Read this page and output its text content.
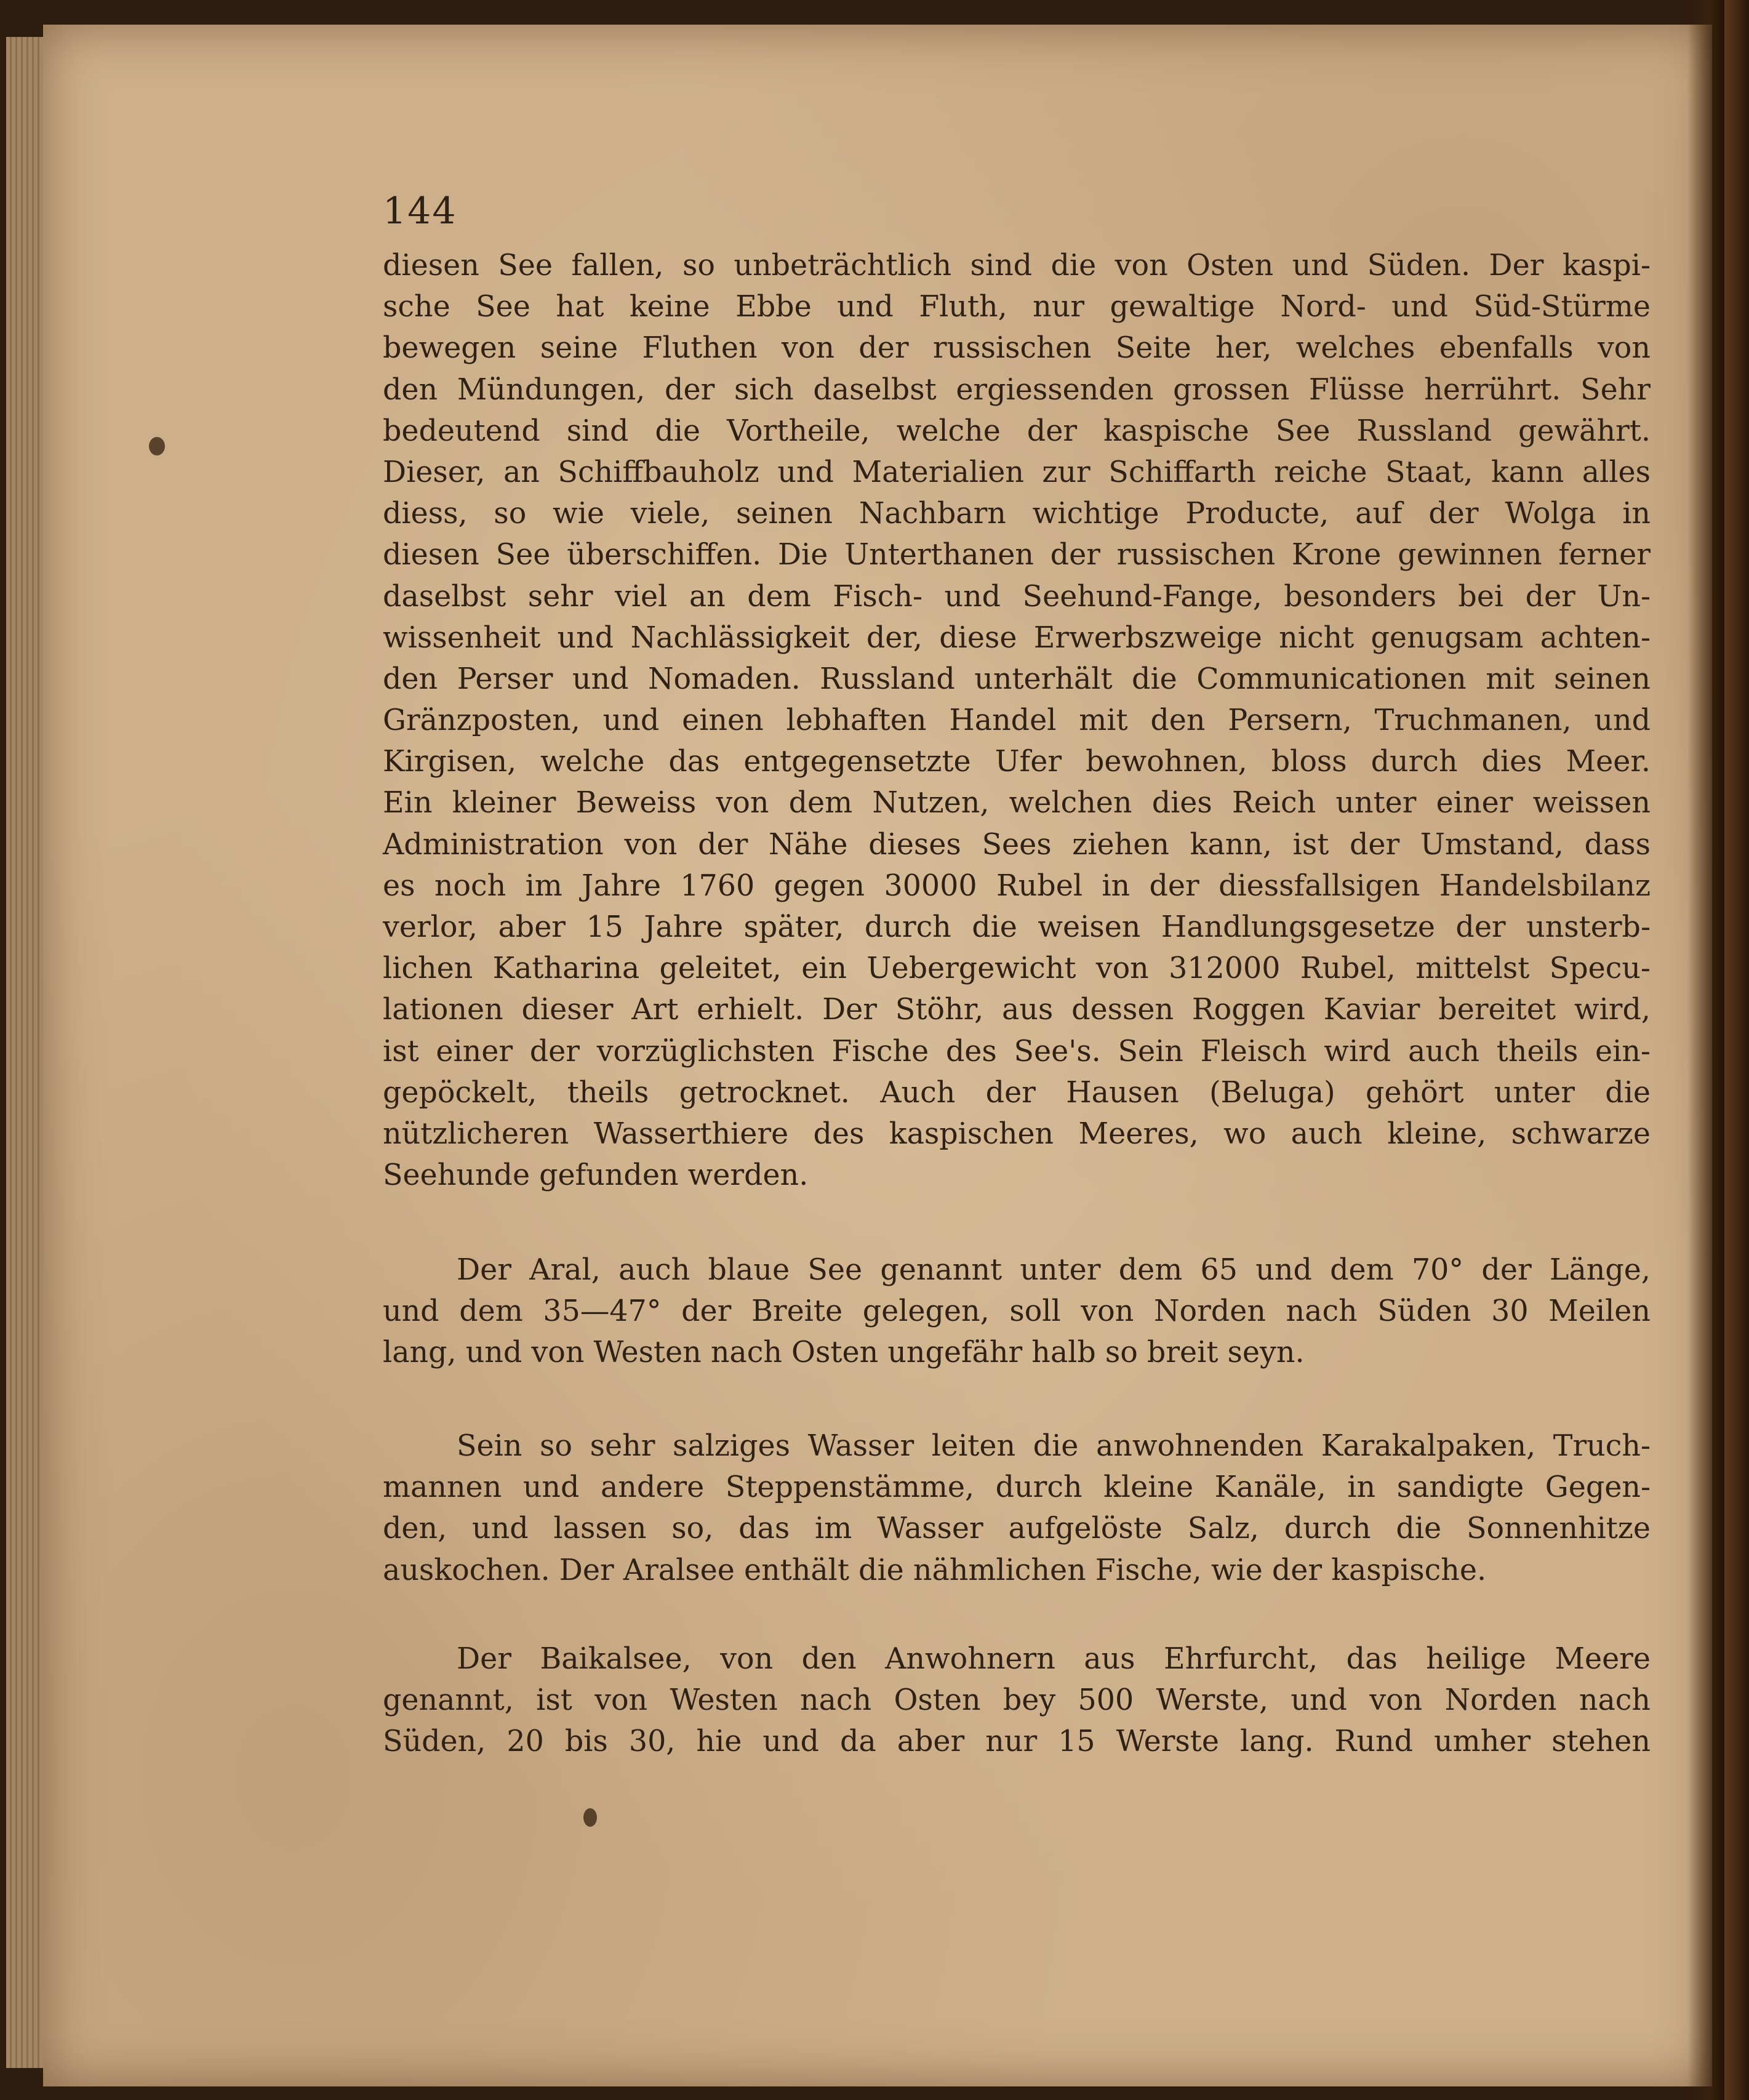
144
diesen See fallen, so unbeträchtlich sind die von Osten und Süden. Der kaspi-
sche See hat keine Ebbe und Fluth, nur gewaltige Nord- und Süd-Stürme
bewegen seine Fluthen von der russischen Seite her, welches ebenfalls von
den Mündungen, der sich daselbst ergiessenden grossen Flüsse herrührt. Sehr
bedeutend sind die Vortheile, welche der kaspische See Russland gewährt.
Dieser, an Schiffbauholz und Materialien zur Schiffarth reiche Staat, kann alles
diess, so wie viele, seinen Nachbarn wichtige Producte, auf der Wolga in
diesen See überschiffen. Die Unterthanen der russischen Krone gewinnen ferner
daselbst sehr viel an dem Fisch- und Seehund-Fange, besonders bei der Un-
wissenheit und Nachlässigkeit der, diese Erwerbszweige nicht genugsam achten-
den Perser und Nomaden. Russland unterhält die Communicationen mit seinen
Gränzposten, und einen lebhaften Handel mit den Persern, Truchmanen, und
Kirgisen, welche das entgegensetzte Ufer bewohnen, bloss durch dies Meer.
Ein kleiner Beweiss von dem Nutzen, welchen dies Reich unter einer weissen
Administration von der Nähe dieses Sees ziehen kann, ist der Umstand, dass
es noch im Jahre 1760 gegen 30000 Rubel in der diessfallsigen Handelsbilanz
verlor, aber 15 Jahre später, durch die weisen Handlungsgesetze der unsterb-
lichen Katharina geleitet, ein Uebergewicht von 312000 Rubel, mittelst Specu-
lationen dieser Art erhielt. Der Stöhr, aus dessen Roggen Kaviar bereitet wird,
ist einer der vorzüglichsten Fische des See's. Sein Fleisch wird auch theils ein-
gepöckelt, theils getrocknet. Auch der Hausen (Beluga) gehört unter die
nützlicheren Wasserthiere des kaspischen Meeres, wo auch kleine, schwarze
Seehunde gefunden werden.
Der Aral, auch blaue See genannt unter dem 65 und dem 70° der Länge,
und dem 35—47° der Breite gelegen, soll von Norden nach Süden 30 Meilen
lang, und von Westen nach Osten ungefähr halb so breit seyn.
Sein so sehr salziges Wasser leiten die anwohnenden Karakalpaken, Truch-
mannen und andere Steppenstämme, durch kleine Kanäle, in sandigte Gegen-
den, und lassen so, das im Wasser aufgelöste Salz, durch die Sonnenhitze
auskochen. Der Aralsee enthält die nähmlichen Fische, wie der kaspische.
Der Baikalsee, von den Anwohnern aus Ehrfurcht, das heilige Meere
genannt, ist von Westen nach Osten bey 500 Werste, und von Norden nach
Süden, 20 bis 30, hie und da aber nur 15 Werste lang. Rund umher stehen
